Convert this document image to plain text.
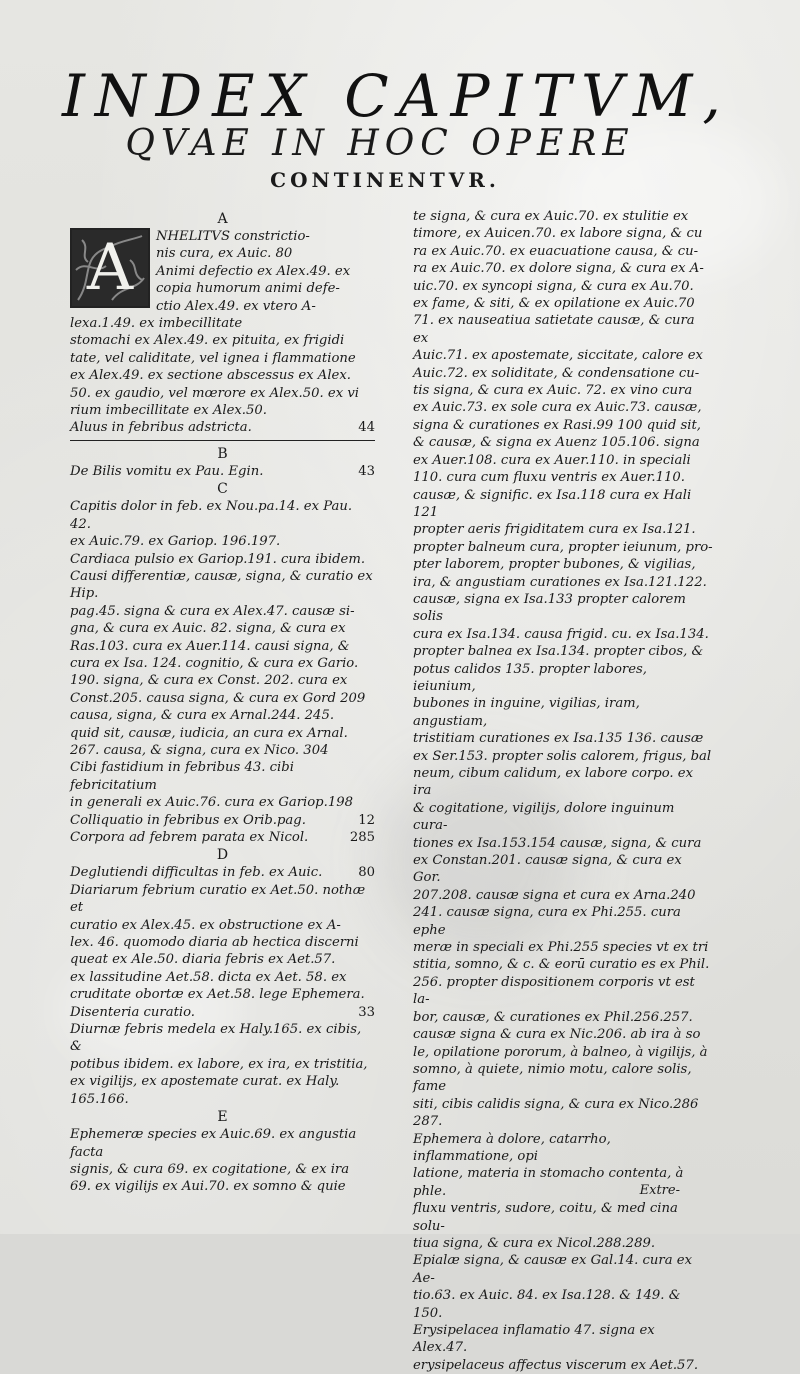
INDEX CAPITVM,
QVAE IN HOC OPERE
CONTINENTVR.
A
A	NHELITVS constrictio-
nis cura, ex Auic. 80
Animi defectio ex Alex.49. ex
copia humorum animi defe-
ctio Alex.49. ex vtero A-
lexa.1.49. ex imbecillitate
stomachi ex Alex.49. ex pituita, ex frigidi
tate, vel caliditate, vel ignea i flammatione
ex Alex.49. ex sectione abscessus ex Alex.
50. ex gaudio, vel mœrore ex Alex.50. ex vi
rium imbecillitate ex Alex.50.
Aluus in febribus adstricta.	44
B
De Bilis vomitu ex Pau. Egin.	43
C
Capitis dolor in feb. ex Nou.pa.14. ex Pau. 42.
ex Auic.79. ex Gariop. 196.197.
Cardiaca pulsio ex Gariop.191. cura ibidem.
Causi differentiæ, causæ, signa, & curatio ex Hip.
pag.45. signa & cura ex Alex.47. causæ si-
gna, & cura ex Auic. 82. signa, & cura ex
Ras.103. cura ex Auer.114. causi signa, &
cura ex Isa. 124. cognitio, & cura ex Gario.
190. signa, & cura ex Const. 202. cura ex
Const.205. causa signa, & cura ex Gord 209
causa, signa, & cura ex Arnal.244. 245.
quid sit, causæ, iudicia, an cura ex Arnal.
267. causa, & signa, cura ex Nico. 304
Cibi fastidium in febribus 43. cibi febricitatium
in generali ex Auic.76. cura ex Gariop.198
Colliquatio in febribus ex Orib.pag.	12
Corpora ad febrem parata ex Nicol.	285
D
Deglutiendi difficultas in feb. ex Auic.	80
Diariarum febrium curatio ex Aet.50. nothæ et
curatio ex Alex.45. ex obstructione ex A-
lex. 46. quomodo diaria ab hectica discerni
queat ex Ale.50. diaria febris ex Aet.57.
ex lassitudine Aet.58. dicta ex Aet. 58. ex
cruditate obortæ ex Aet.58. lege Ephemera.
Disenteria curatio.	33
Diurnæ febris medela ex Haly.165. ex cibis, &
potibus ibidem. ex labore, ex ira, ex tristitia,
ex vigilijs, ex apostemate curat. ex Haly.
165.166.
E
Ephemeræ species ex Auic.69. ex angustia facta
signis, & cura 69. ex cogitatione, & ex ira
69. ex vigilijs ex Aui.70. ex somno & quie
te signa, & cura ex Auic.70. ex stulitie ex
timore, ex Auicen.70. ex labore signa, & cu
ra ex Auic.70. ex euacuatione causa, & cu-
ra ex Auic.70. ex dolore signa, & cura ex A-
uic.70. ex syncopi signa, & cura ex Au.70.
ex fame, & siti, & ex opilatione ex Auic.70
71. ex nauseatiua satietate causæ, & cura ex
Auic.71. ex apostemate, siccitate, calore ex
Auic.72. ex soliditate, & condensatione cu-
tis signa, & cura ex Auic. 72. ex vino cura
ex Auic.73. ex sole cura ex Auic.73. causæ,
signa & curationes ex Rasi.99 100 quid sit,
& causæ, & signa ex Auenz 105.106. signa
ex Auer.108. cura ex Auer.110. in speciali
110. cura cum fluxu ventris ex Auer.110.
causæ, & signific. ex Isa.118 cura ex Hali 121
propter aeris frigiditatem cura ex Isa.121.
propter balneum cura, propter ieiunum, pro-
pter laborem, propter bubones, & vigilias,
ira, & angustiam curationes ex Isa.121.122.
causæ, signa ex Isa.133 propter calorem solis
cura ex Isa.134. causa frigid. cu. ex Isa.134.
propter balnea ex Isa.134. propter cibos, &
potus calidos 135. propter labores, ieiunium,
bubones in inguine, vigilias, iram, angustiam,
tristitiam curationes ex Isa.135 136. causæ
ex Ser.153. propter solis calorem, frigus, bal
neum, cibum calidum, ex labore corpo. ex ira
& cogitatione, vigilijs, dolore inguinum cura-
tiones ex Isa.153.154 causæ, signa, & cura
ex Constan.201. causæ signa, & cura ex Gor.
207.208. causæ signa et cura ex Arna.240
241. causæ signa, cura ex Phi.255. cura ephe
meræ in speciali ex Phi.255 species vt ex tri
stitia, somno, & c. & eorū curatio es ex Phil.
256. propter dispositionem corporis vt est la-
bor, causæ, & curationes ex Phil.256.257.
causæ signa & cura ex Nic.206. ab ira à so
le, opilatione pororum, à balneo, à vigilijs, à
somno, à quiete, nimio motu, calore solis, fame
siti, cibis calidis signa, & cura ex Nico.286
287.
Ephemera à dolore, catarrho, inflammatione, opi
latione, materia in stomacho contenta, à phle.
fluxu ventris, sudore, coitu, & med cina solu-
tiua signa, & cura ex Nicol.288.289.
Epialæ signa, & causæ ex Gal.14. cura ex Ae-
tio.63. ex Auic. 84. ex Isa.128. & 149. &
150.
Erysipelacea inflamatio 47. signa ex Alex.47.
erysipelaceus affectus viscerum ex Aet.57.
Extre-
